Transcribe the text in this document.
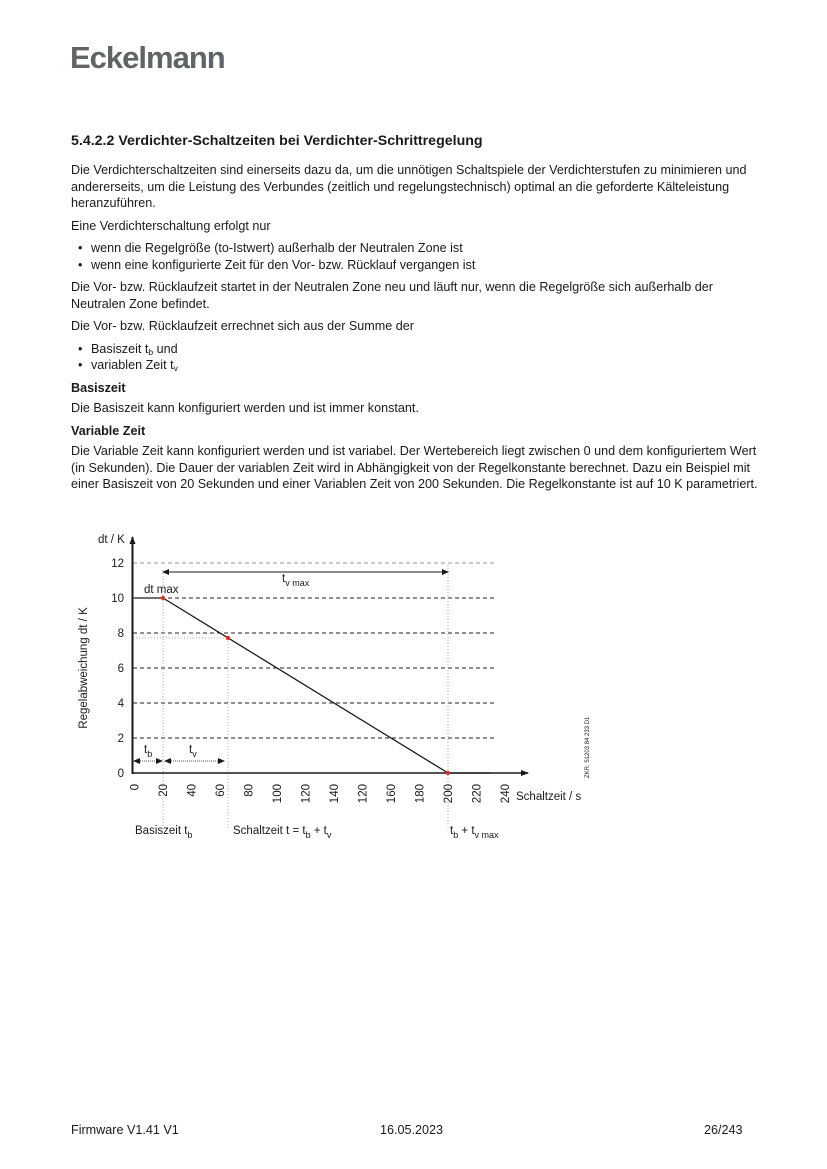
Eckelmann
5.4.2.2 Verdichter-Schaltzeiten bei Verdichter-Schrittregelung

Die Verdichterschaltzeiten sind einerseits dazu da, um die unnötigen Schaltspiele der Verdichterstufen zu minimieren und andererseits, um die Leistung des Verbundes (zeitlich und regelungstechnisch) optimal an die geforderte Kälteleistung heranzuführen.

Eine Verdichterschaltung erfolgt nur

• wenn die Regelgröße (to-Istwert) außerhalb der Neutralen Zone ist
• wenn eine konfigurierte Zeit für den Vor- bzw. Rücklauf vergangen ist

Die Vor- bzw. Rücklaufzeit startet in der Neutralen Zone neu und läuft nur, wenn die Regelgröße sich außerhalb der Neutralen Zone befindet.

Die Vor- bzw. Rücklaufzeit errechnet sich aus der Summe der

• Basiszeit $t_b$ und
• variablen Zeit $t_v$
Basiszeit

Die Basiszeit kann konfiguriert werden und ist immer konstant.

Variable Zeit

Die Variable Zeit kann konfiguriert werden und ist variabel. Der Wertebereich liegt zwischen 0 und dem konfiguriertem Wert (in Sekunden). Die Dauer der variablen Zeit wird in Abhängigkeit von der Regelkonstante berechnet. Dazu ein Beispiel mit einer Basiszeit von 20 Sekunden und einer Variablen Zeit von 200 Sekunden. Die Regelkonstante ist auf 10 K parametriert.

dt / K
Regelabweichung dt / K
Schaltzeit / s
dt max
$t_{v max}$
$t_b$	$t_v$
Basiszeit $t_b$	Schaltzeit $t = t_b + t_v$	$t_b + t_{v max}$
ZKR. 51203 84 233 D1
0
2
4
6
8
10
12
0 20 40 60 80 100 120 140 120 160 180 200 220 240
Firmware V1.41 V1	16.05.2023	26/243
